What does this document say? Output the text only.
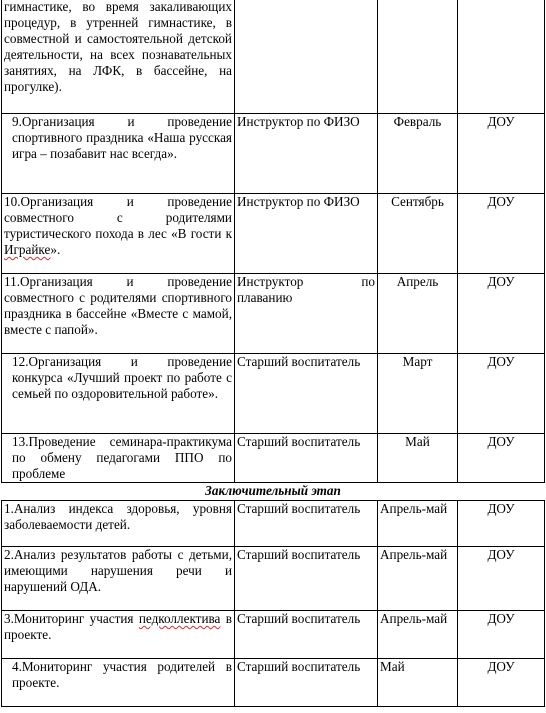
гимнастике, во время закаливающих процедур, в утренней гимнастике, в совместной и самостоятельной детской деятельности, на всех познавательных занятиях, на ЛФК, в бассейне, на прогулке).			
9.Организация и проведение спортивного праздника «Наша русская игра – позабавит нас всегда».	Инструктор по ФИЗО	Февраль	ДОУ
10.Организация и проведение совместного с родителями туристического похода в лес «В гости к Играйке».	Инструктор по ФИЗО	Сентябрь	ДОУ
11.Организация и проведение совместного с родителями спортивного праздника в бассейне «Вместе с мамой, вместе с папой».	Инструктор по плаванию	Апрель	ДОУ
12.Организация и проведение конкурса «Лучший проект по работе с семьей по оздоровительной работе».	Старший воспитатель	Март	ДОУ
13.Проведение семинара-практикума по обмену педагогами ППО по проблеме	Старший воспитатель	Май	ДОУ
Заключительный этап			
1.Анализ индекса здоровья, уровня заболеваемости детей.	Старший воспитатель	Апрель-май	ДОУ
2.Анализ результатов работы с детьми, имеющими нарушения речи и нарушений ОДА.	Старший воспитатель	Апрель-май	ДОУ
3.Мониторинг участия педколлектива в проекте.	Старший воспитатель	Апрель-май	ДОУ
4.Мониторинг участия родителей в проекте.	Старший воспитатель	Май	ДОУ
